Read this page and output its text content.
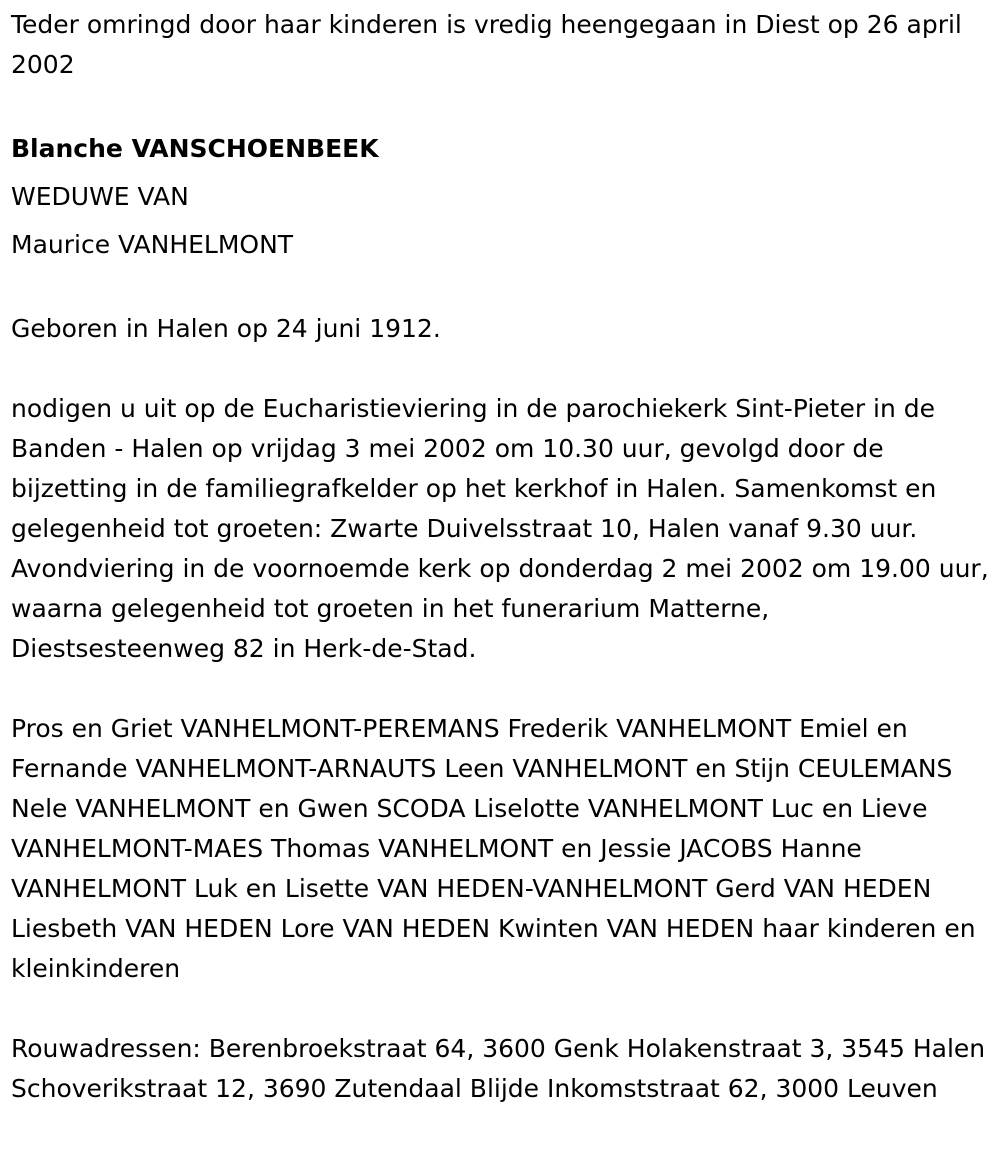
Teder omringd door haar kinderen is vredig heengegaan in Diest op 26 april 2002

Blanche VANSCHOENBEEK

WEDUWE VAN

Maurice VANHELMONT

Geboren in Halen op 24 juni 1912.

nodigen u uit op de Eucharistieviering in de parochiekerk Sint-Pieter in de Banden - Halen op vrijdag 3 mei 2002 om 10.30 uur, gevolgd door de bijzetting in de familiegrafkelder op het kerkhof in Halen. Samenkomst en gelegenheid tot groeten: Zwarte Duivelsstraat 10, Halen vanaf 9.30 uur. Avondviering in de voornoemde kerk op donderdag 2 mei 2002 om 19.00 uur, waarna gelegenheid tot groeten in het funerarium Matterne, Diestsesteenweg 82 in Herk-de-Stad.

Pros en Griet VANHELMONT-PEREMANS Frederik VANHELMONT Emiel en Fernande VANHELMONT-ARNAUTS Leen VANHELMONT en Stijn CEULEMANS Nele VANHELMONT en Gwen SCODA Liselotte VANHELMONT Luc en Lieve VANHELMONT-MAES Thomas VANHELMONT en Jessie JACOBS Hanne VANHELMONT Luk en Lisette VAN HEDEN-VANHELMONT Gerd VAN HEDEN Liesbeth VAN HEDEN Lore VAN HEDEN Kwinten VAN HEDEN haar kinderen en kleinkinderen

Rouwadressen: Berenbroekstraat 64, 3600 Genk Holakenstraat 3, 3545 Halen Schoverikstraat 12, 3690 Zutendaal Blijde Inkomststraat 62, 3000 Leuven
